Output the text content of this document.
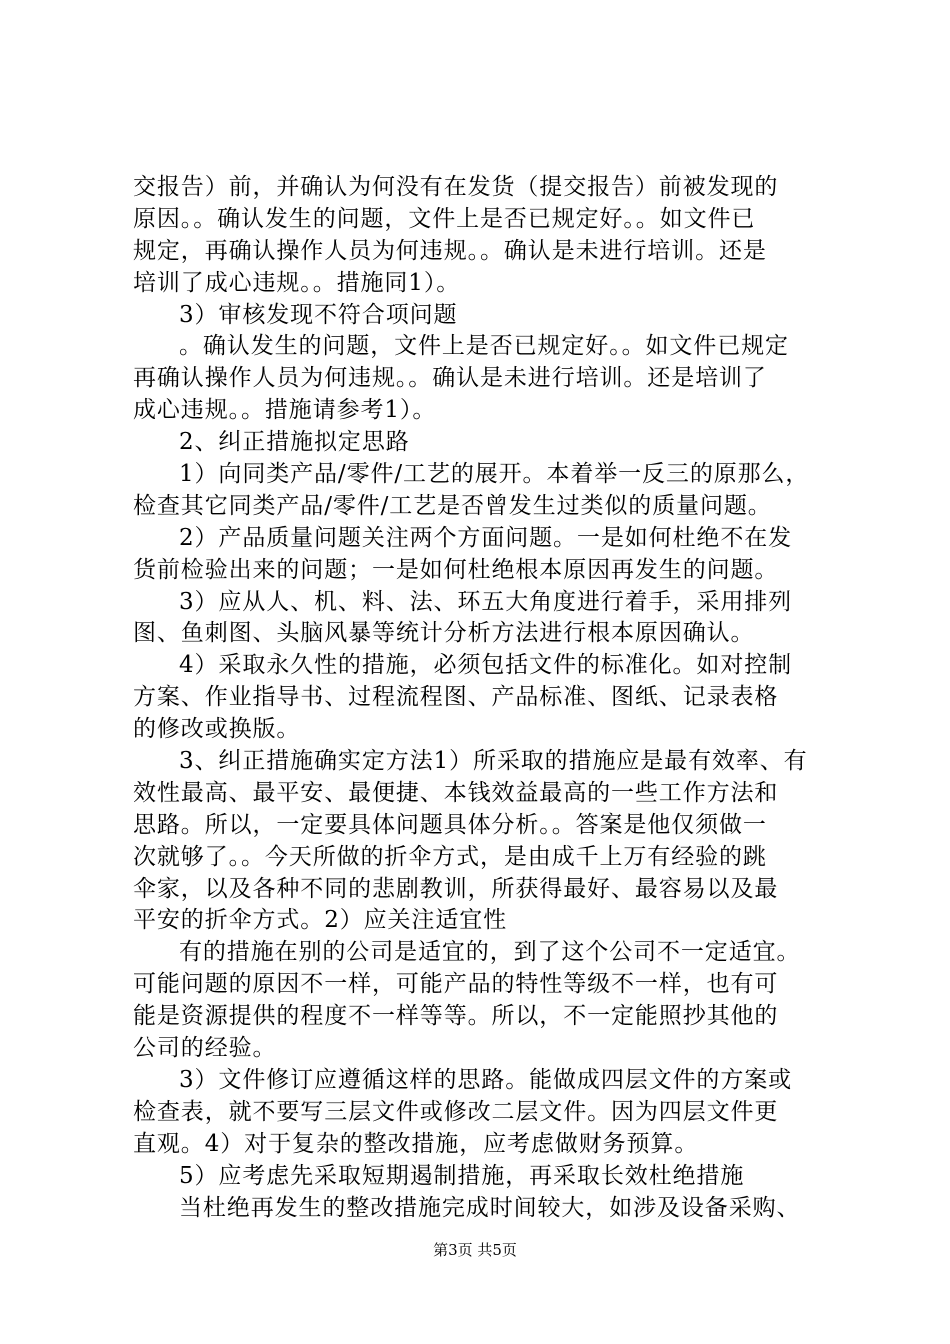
交报告）前，并确认为何没有在发货（提交报告）前被发现的
原因。。确认发生的问题，文件上是否已规定好。。如文件已
规定，再确认操作人员为何违规。。确认是未进行培训。还是
培训了成心违规。。措施同1）。
3）审核发现不符合项问题
。确认发生的问题，文件上是否已规定好。。如文件已规定
再确认操作人员为何违规。。确认是未进行培训。还是培训了
成心违规。。措施请参考1）。
2、纠正措施拟定思路
1）向同类产品/零件/工艺的展开。本着举一反三的原那么，
检查其它同类产品/零件/工艺是否曾发生过类似的质量问题。
2）产品质量问题关注两个方面问题。一是如何杜绝不在发
货前检验出来的问题；一是如何杜绝根本原因再发生的问题。
3）应从人、机、料、法、环五大角度进行着手，采用排列
图、鱼刺图、头脑风暴等统计分析方法进行根本原因确认。
4）采取永久性的措施，必须包括文件的标准化。如对控制
方案、作业指导书、过程流程图、产品标准、图纸、记录表格
的修改或换版。
3、纠正措施确实定方法1）所采取的措施应是最有效率、有
效性最高、最平安、最便捷、本钱效益最高的一些工作方法和
思路。所以，一定要具体问题具体分析。。答案是他仅须做一
次就够了。。今天所做的折伞方式，是由成千上万有经验的跳
伞家，以及各种不同的悲剧教训，所获得最好、最容易以及最
平安的折伞方式。2）应关注适宜性
有的措施在别的公司是适宜的，到了这个公司不一定适宜。
可能问题的原因不一样，可能产品的特性等级不一样，也有可
能是资源提供的程度不一样等等。所以，不一定能照抄其他的
公司的经验。
3）文件修订应遵循这样的思路。能做成四层文件的方案或
检查表，就不要写三层文件或修改二层文件。因为四层文件更
直观。4）对于复杂的整改措施，应考虑做财务预算。
5）应考虑先采取短期遏制措施，再采取长效杜绝措施
当杜绝再发生的整改措施完成时间较大，如涉及设备采购、
第3页 共5页
